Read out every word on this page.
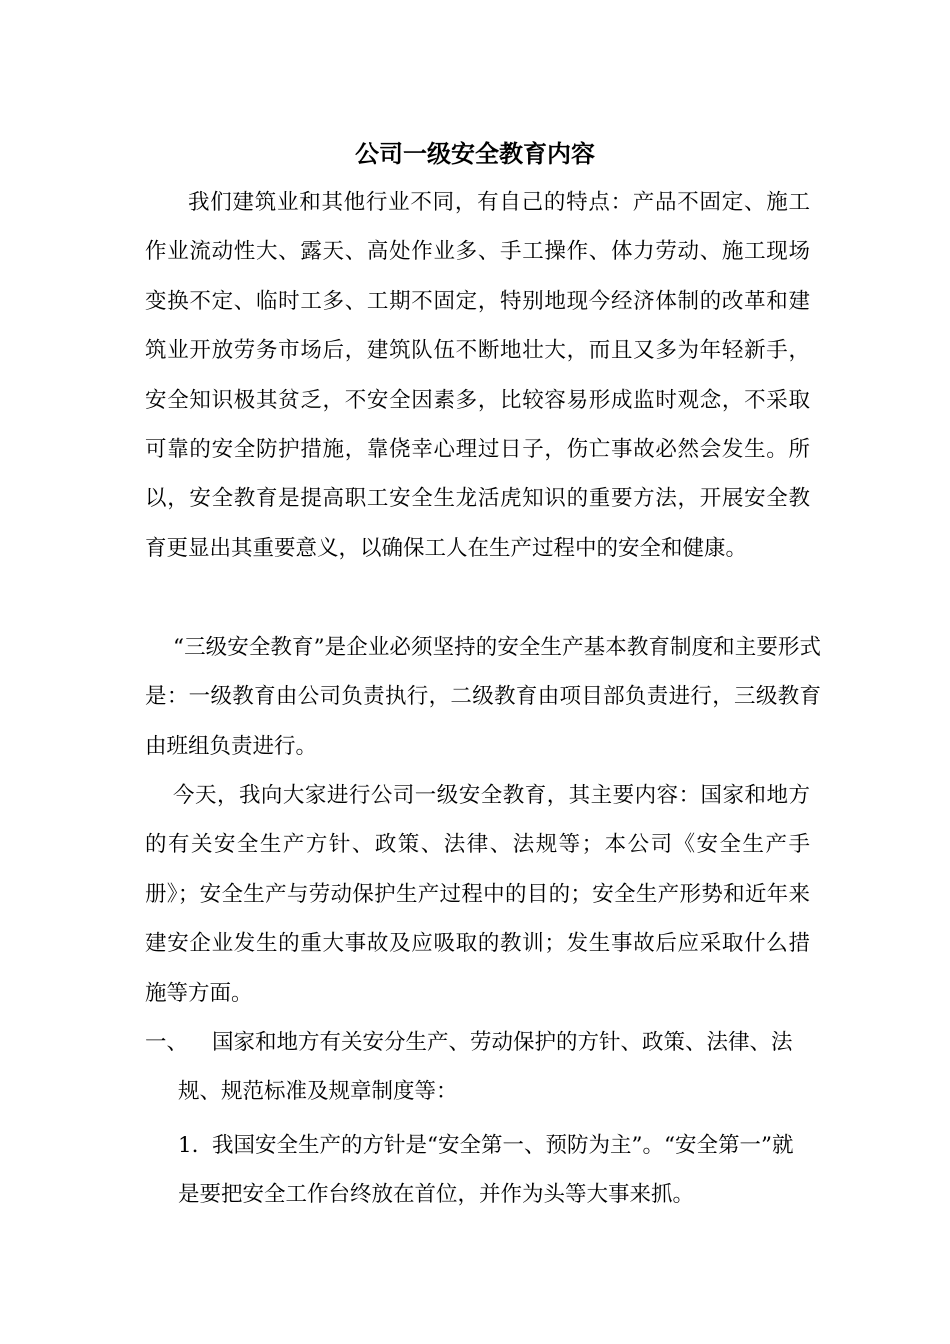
公司一级安全教育内容

我们建筑业和其他行业不同，有自己的特点：产品不固定、施工作业流动性大、露天、高处作业多、手工操作、体力劳动、施工现场变换不定、临时工多、工期不固定，特别地现今经济体制的改革和建筑业开放劳务市场后，建筑队伍不断地壮大，而且又多为年轻新手，安全知识极其贫乏，不安全因素多，比较容易形成监时观念，不采取可靠的安全防护措施，靠侥幸心理过日子，伤亡事故必然会发生。所以，安全教育是提高职工安全生龙活虎知识的重要方法，开展安全教育更显出其重要意义，以确保工人在生产过程中的安全和健康。

“三级安全教育”是企业必须坚持的安全生产基本教育制度和主要形式是：一级教育由公司负责执行，二级教育由项目部负责进行，三级教育由班组负责进行。

今天，我向大家进行公司一级安全教育，其主要内容：国家和地方的有关安全生产方针、政策、法律、法规等；本公司《安全生产手册》；安全生产与劳动保护生产过程中的目的；安全生产形势和近年来建安企业发生的重大事故及应吸取的教训；发生事故后应采取什么措施等方面。

一、	国家和地方有关安分生产、劳动保护的方针、政策、法律、法规、规范标准及规章制度等：
1. 我国安全生产的方针是“安全第一、预防为主”。“安全第一”就是要把安全工作台终放在首位，并作为头等大事来抓。
